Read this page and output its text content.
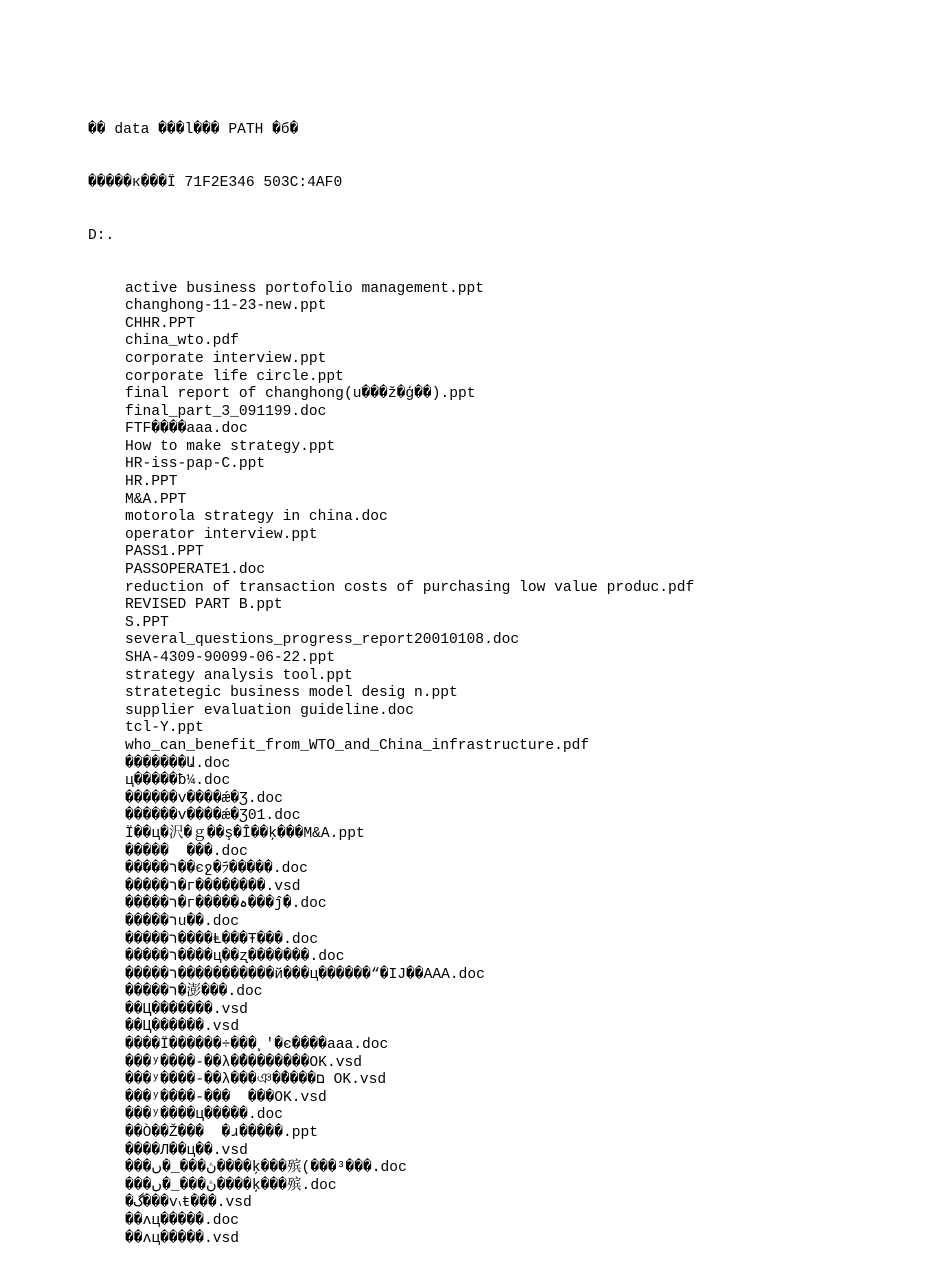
�� data ���l��� PATH �б�

�����к���Ϊ 71F2E346 503C:4AF0

D:.

active business portofolio management.ppt
changhong-11-23-new.ppt
CHHR.PPT
china_wto.pdf
corporate interview.ppt
corporate life circle.ppt
final report of changhong(u���ž�ģ��).ppt
final_part_3_091199.doc
FTF����aaa.doc
How to make strategy.ppt
HR-iss-pap-C.ppt
HR.PPT
M&A.PPT
motorola strategy in china.doc
operator interview.ppt
PASS1.PPT
PASSOPERATE1.doc
reduction of transaction costs of purchasing low value produc.pdf
REVISED PART B.ppt
S.PPT
several_questions_progress_report20010108.doc
SHA-4309-90099-06-22.ppt
strategy analysis tool.ppt
stratetegic business model desig n.ppt
supplier evaluation guideline.doc
tcl-Y.ppt
who_can_benefit_from_WTO_and_China_infrastructure.pdf
�������Ա.doc
ц�����ƀ¼.doc
������v����ǽ�Ʒ.doc
������v����ǽ�Ʒ01.doc
Ï��ц�沢�ｇ��ş�Î��ķ���M&A.ppt
�����  ���.doc
�����ר��єջ�ﾗ�����.doc
�����ר�г��������.vsd
�����ר�г�����ہ���ĵ�.doc
�����רu��.doc
�����ר����Ⱡ���Ŧ���.doc
�����ר����ц��ʐ�������.doc
�����ר�����������й���ц������“�IJ��AAA.doc
�����ר�澎���.doc
��Ц�������.vsd
��Ц������.vsd
����Ï������÷���¸'�є����aaa.doc
���ʸ����-��λ��ُ�������OK.vsd
���ʸ����-��λ���ঞ��ُ���ם OK.vsd
���ʸ����-���  ���OK.vsd
���ʸ����ц�����.doc
��Ò��Ž���  �ɹ�����.ppt
����Л��ц��.vsd
���ڽ���_�ں����ķ���殡(���³���.doc
���ڽ���_�ں����ķ���殡.doc
�گ���v៶ŧ���.vsd
��ʌц�����.doc
��ʌц�����.vsd
